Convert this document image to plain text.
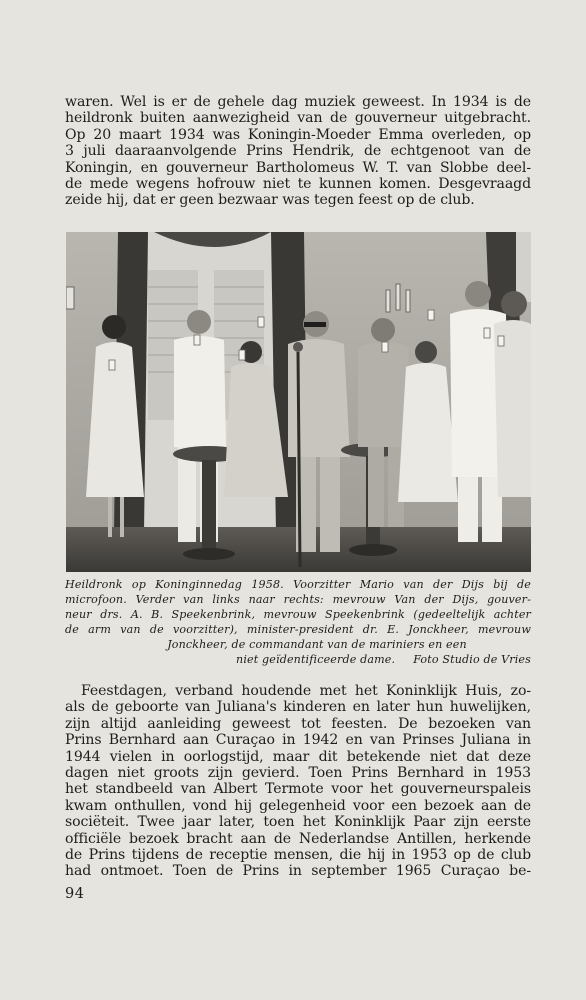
waren. Wel is er de gehele dag muziek geweest. In 1934 is de
heildronk buiten aanwezigheid van de gouverneur uitgebracht.
Op 20 maart 1934 was Koningin-Moeder Emma overleden, op
3 juli daaraanvolgende Prins Hendrik, de echtgenoot van de
Koningin, en gouverneur Bartholomeus W. T. van Slobbe deel-
de mede wegens hofrouw niet te kunnen komen. Desgevraagd
zeide hij, dat er geen bezwaar was tegen feest op de club.

Heildronk op Koninginnedag 1958. Voorzitter Mario van der Dijs bij de
microfoon. Verder van links naar rechts: mevrouw Van der Dijs, gouver-
neur drs. A. B. Speekenbrink, mevrouw Speekenbrink (gedeeltelijk achter
de arm van de voorzitter), minister-president dr. E. Jonckheer, mevrouw
Jonckheer, de commandant van de mariniers en een
niet geïdentificeerde dame. Foto Studio de Vries

Feestdagen, verband houdende met het Koninklijk Huis, zo-
als de geboorte van Juliana's kinderen en later hun huwelijken,
zijn altijd aanleiding geweest tot feesten. De bezoeken van
Prins Bernhard aan Curaçao in 1942 en van Prinses Juliana in
1944 vielen in oorlogstijd, maar dit betekende niet dat deze
dagen niet groots zijn gevierd. Toen Prins Bernhard in 1953
het standbeeld van Albert Termote voor het gouverneurspaleis
kwam onthullen, vond hij gelegenheid voor een bezoek aan de
sociëteit. Twee jaar later, toen het Koninklijk Paar zijn eerste
officiële bezoek bracht aan de Nederlandse Antillen, herkende
de Prins tijdens de receptie mensen, die hij in 1953 op de club
had ontmoet. Toen de Prins in september 1965 Curaçao be-

94
